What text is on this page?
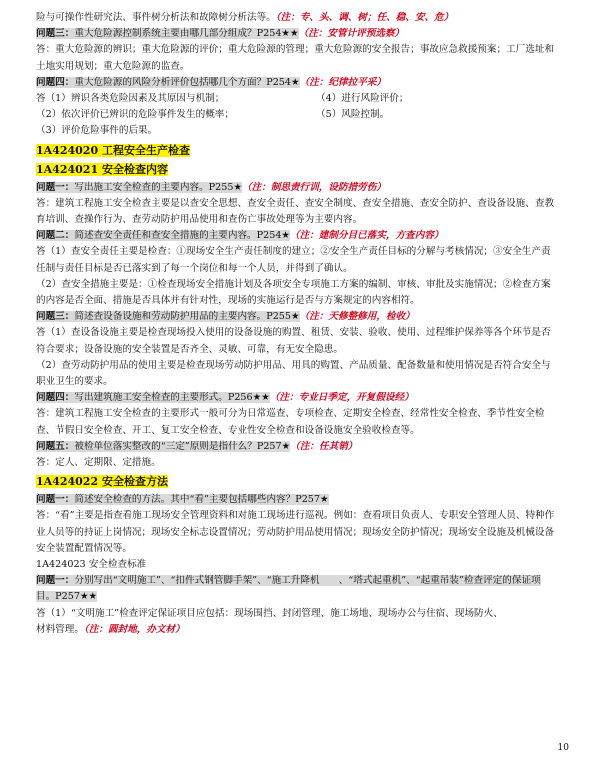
险与可操作性研究法、事件树分析法和故障树分析法等。（注：专、头、调、树；任、稳、安、危）

问题三：重大危险源控制系统主要由哪几部分组成？P254★★（注：安管计评预选察）

答：重大危险源的辨识；重大危险源的评价；重大危险源的管理；重大危险源的安全报告；事故应急救援预案；工厂选址和土地实用规划；重大危险源的监查。

问题四：重大危险源的风险分析评价包括哪几个方面？P254★（注：纪律拉平采）

答（1）辨识各类危险因素及其原因与机制；	（4）进行风险评价；

（2）依次评价已辨识的危险事件发生的概率；	（5）风险控制。

（3）评价危险事件的后果。

1A424020 工程安全生产检查
1A424021 安全检查内容

问题一：写出施工安全检查的主要内容。P255★（注：制思责行训，设防措劳伤）

答：建筑工程施工安全检查主要是以查安全思想、查安全责任、查安全制度、查安全措施、查安全防护、查设备设施、查教育培训、查操作行为、查劳动防护用品使用和查伤亡事故处理等为主要内容。

问题二：简述查安全责任和查安全措施的主要内容。P254★（注：建制分目已落实，方查内容）

答（1）查安全责任主要是检查：①现场安全生产责任制度的建立；②安全生产责任目标的分解与考核情况；③安全生产责任制与责任目标是否已落实到了每一个岗位和每一个人员，并得到了确认。

（2）查安全措施主要是：①检查现场安全措施计划及各项安全专项施工方案的编制、审核、审批及实施情况；②检查方案的内容是否全面、措施是否具体并有针对性，现场的实施运行是否与方案规定的内容相符。

问题三：简述查设备设施和劳动防护用品的主要内容。P255★（注：天修整修用，检收）

答（1）查设备设施主要是检查现场投入使用的设备设施的购置、租赁、安装、验收、使用、过程维护保养等各个环节是否符合要求；设备设施的安全装置是否齐全、灵敏、可靠，有无安全隐患。

（2）查劳动防护用品的使用主要是检查现场劳动防护用品、用具的购置、产品质量、配备数量和使用情况是否符合安全与职业卫生的要求。

问题四：写出建筑施工安全检查的主要形式。P256★★（注：专业日季定，开复假设经）

答：建筑工程施工安全检查的主要形式一般可分为日常巡查、专项检查、定期安全检查、经常性安全检查、季节性安全检查、节假日安全检查、开工、复工安全检查、专业性安全检查和设备设施安全验收检查等。

问题五：被检单位落实整改的“三定”原则是指什么？P257★（注：任其销）

答：定人、定期限、定措施。

1A424022 安全检查方法

问题一：简述安全检查的方法。其中“看”主要包括哪些内容？P257★

答：“看”主要是指查看施工现场安全管理资料和对施工现场进行巡视。例如：查看项目负责人、专职安全管理人员、特种作业人员等的持证上岗情况；现场安全标志设置情况；劳动防护用品使用情况；现场安全防护情况；现场安全设施及机械设备安全装置配置情况等。

1A424023 安全检查标准

问题一：分别写出“文明施工”、“扣件式钢管脚手架”、“施工升降机　　、“塔式起重机”、“起重吊装”检查评定的保证项目。P257★★

答（1）“文明施工”检查评定保证项目应包括：现场围挡、封闭管理、施工场地、现场办公与住宿、现场防火、

材料管理。（注：圆封地，办文材）

10
